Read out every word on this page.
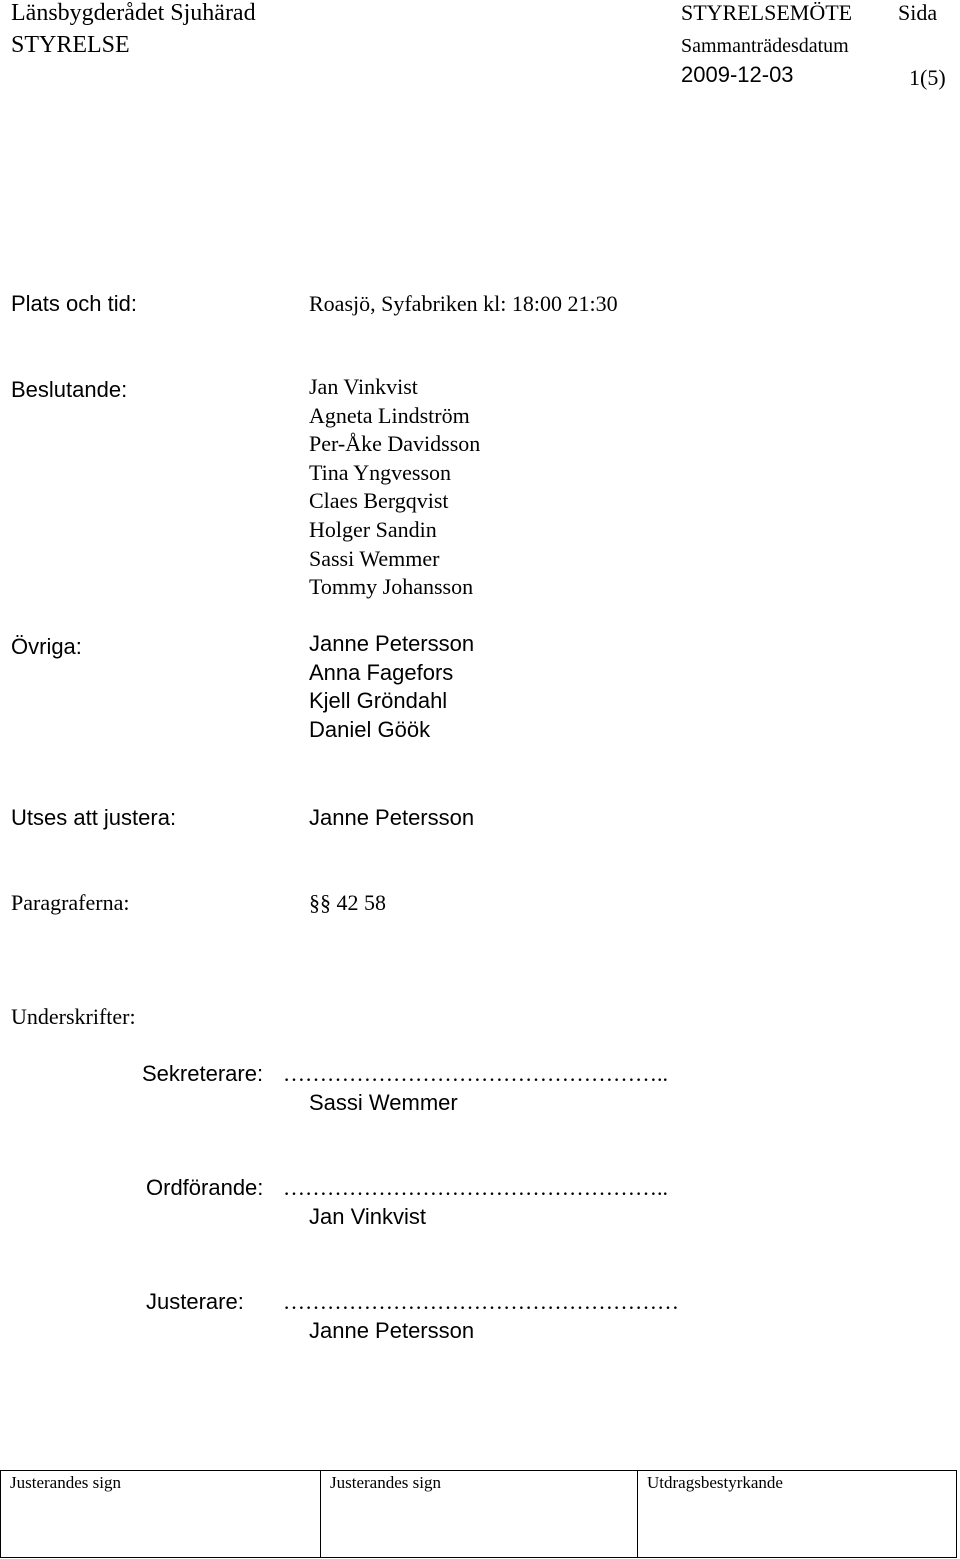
Länsbygderådet Sjuhärad
STYRELSE
STYRELSEMÖTE Sida
Sammanträdesdatum
2009-12-03	1(5)
Plats och tid:	Roasjö, Syfabriken kl: 18:00 21:30
Beslutande:	Jan Vinkvist
Agneta Lindström
Per-Åke Davidsson
Tina Yngvesson
Claes Bergqvist
Holger Sandin
Sassi Wemmer
Tommy Johansson
Övriga:	Janne Petersson
Anna Fagefors
Kjell Gröndahl
Daniel Göök
Utses att justera:	Janne Petersson
Paragraferna:	§§ 42 58
Underskrifter:
Sekreterare: ……………………………………………..
Sassi Wemmer
Ordförande: ……………………………………………..
Jan Vinkvist
Justerare: ………………………………………………
Janne Petersson
Justerandes sign	Justerandes sign	Utdragsbestyrkande
